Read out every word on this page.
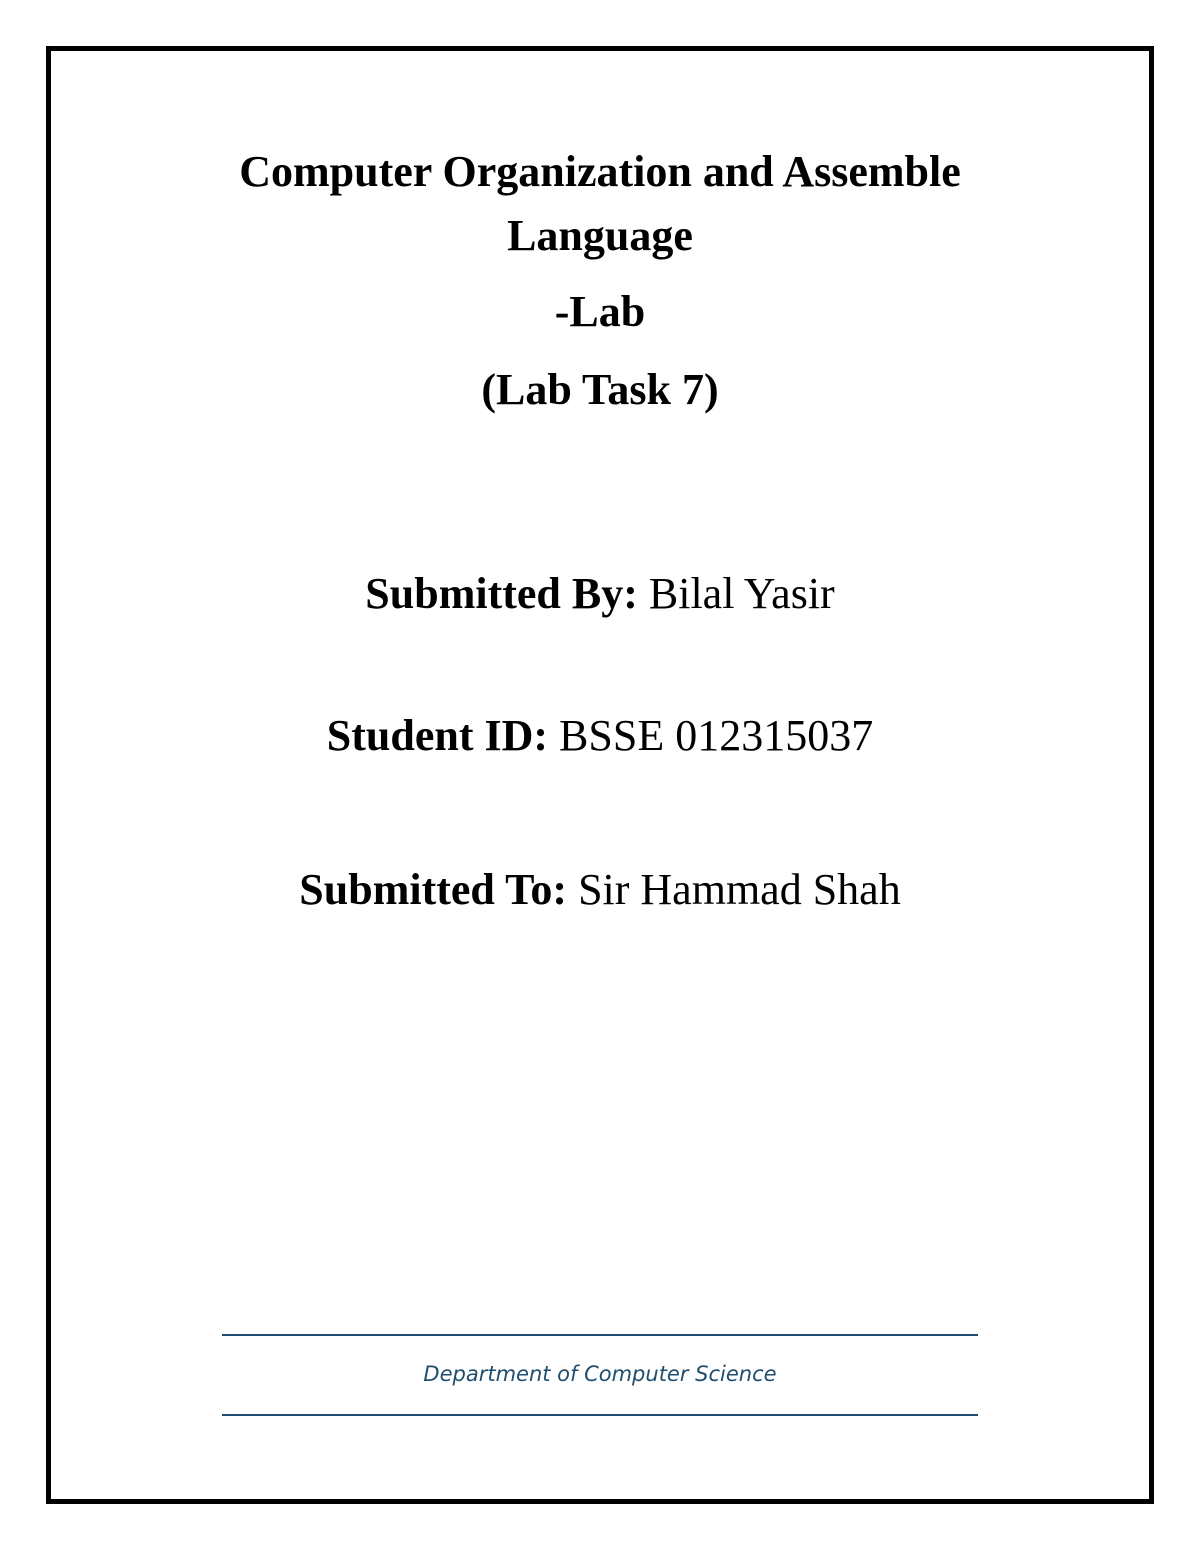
Computer Organization and Assemble
Language
-Lab
(Lab Task 7)
Submitted By: Bilal Yasir
Student ID: BSSE 012315037
Submitted To: Sir Hammad Shah
Department of Computer Science
